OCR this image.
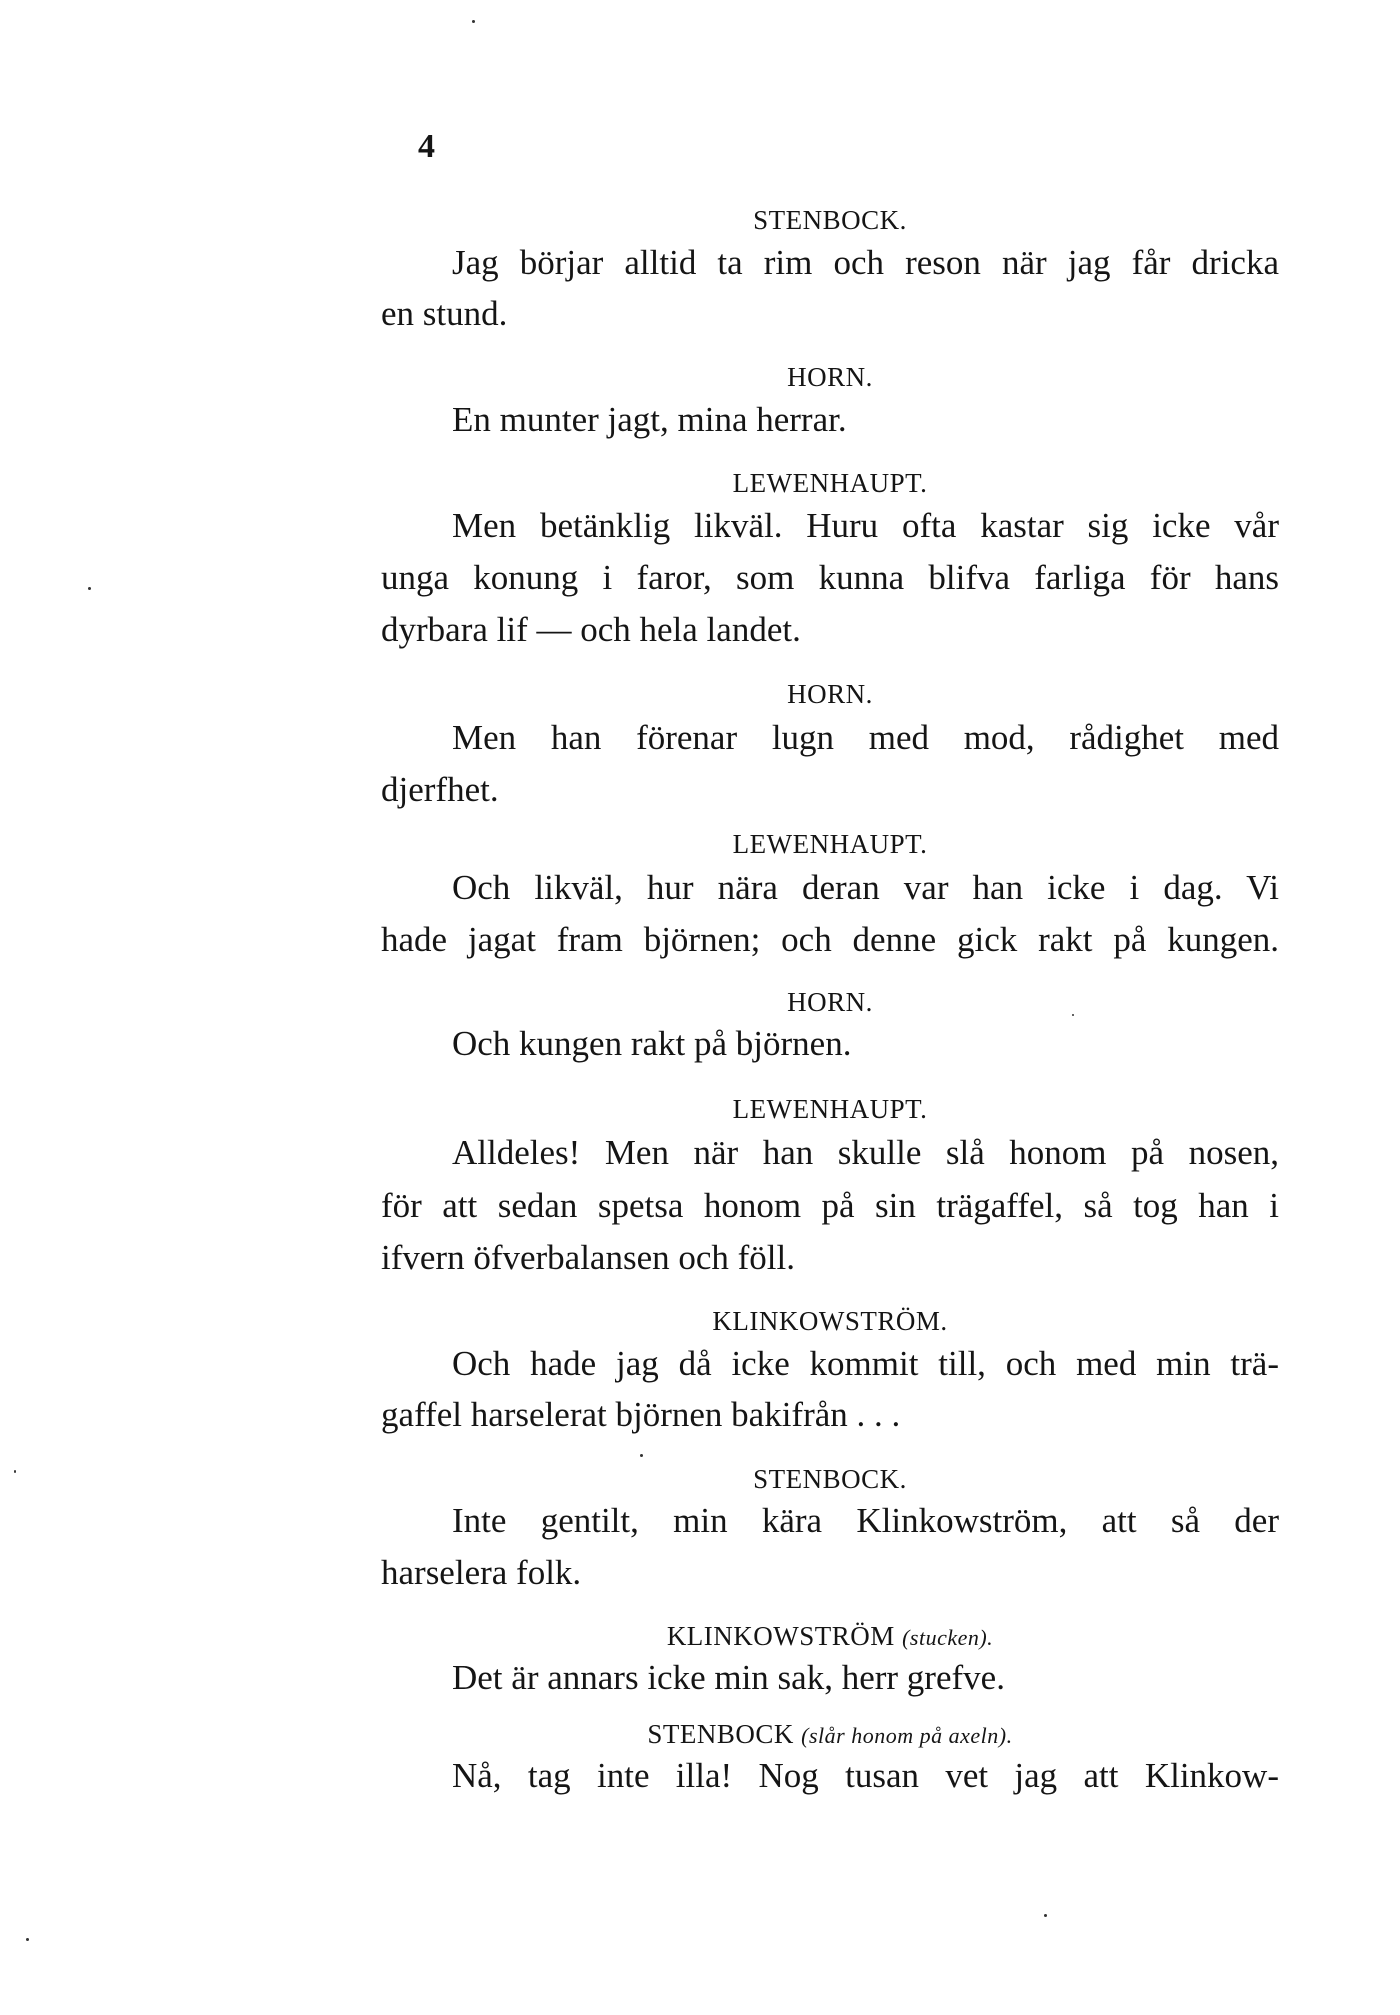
4
STENBOCK.
Jag börjar alltid ta rim och reson när jag får dricka
en stund.
HORN.
En munter jagt, mina herrar.
LEWENHAUPT.
Men betänklig likväl. Huru ofta kastar sig icke vår
unga konung i faror, som kunna blifva farliga för hans
dyrbara lif — och hela landet.
HORN.
Men han förenar lugn med mod, rådighet med
djerfhet.
LEWENHAUPT.
Och likväl, hur nära deran var han icke i dag. Vi
hade jagat fram björnen; och denne gick rakt på kungen.
HORN.
Och kungen rakt på björnen.
LEWENHAUPT.
Alldeles! Men när han skulle slå honom på nosen,
för att sedan spetsa honom på sin trägaffel, så tog han i
ifvern öfverbalansen och föll.
KLINKOWSTRÖM.
Och hade jag då icke kommit till, och med min trä-
gaffel harselerat björnen bakifrån . . .
STENBOCK.
Inte gentilt, min kära Klinkowström, att så der
harselera folk.
KLINKOWSTRÖM (stucken).
Det är annars icke min sak, herr grefve.
STENBOCK (slår honom på axeln).
Nå, tag inte illa! Nog tusan vet jag att Klinkow-
